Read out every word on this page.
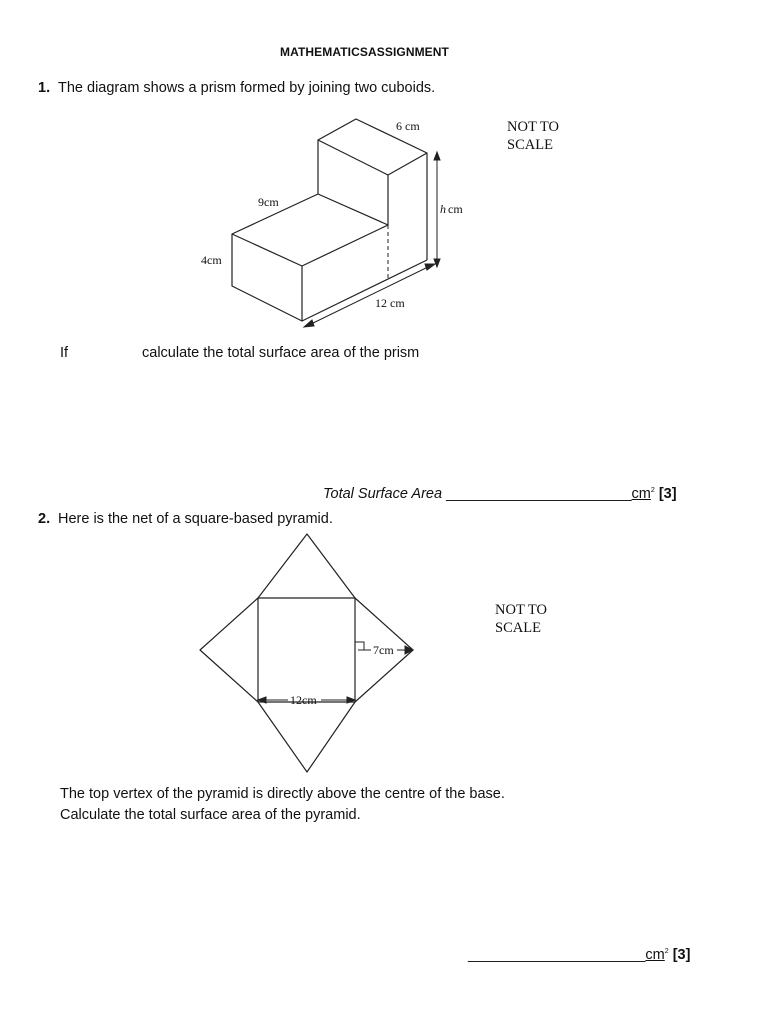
MATHEMATICSASSIGNMENT
1. The diagram shows a prism formed by joining two cuboids.
6 cm
9cm	h cm
4cm
12 cm
NOT TO
SCALE
If	calculate the total surface area of the prism
Total Surface Area $\_\_\_\_\_\_\_\_\_\_\_\_\_\_\_\_\_\_\_\_\_\_\_cm^2$ [3]
2. Here is the net of a square-based pyramid.
7cm
12cm
NOT TO
SCALE
The top vertex of the pyramid is directly above the centre of the base.
Calculate the total surface area of the pyramid.
$\_\_\_\_\_\_\_\_\_\_\_\_\_\_\_\_\_\_\_\_\_\_cm^2$ [3]
